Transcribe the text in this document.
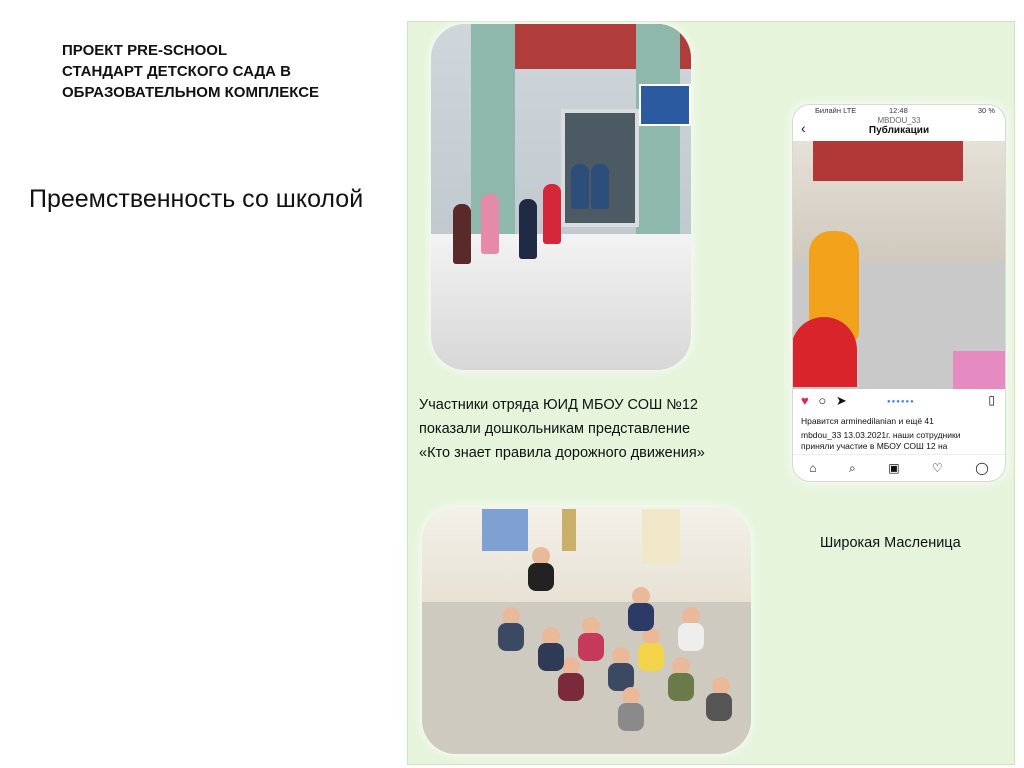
ПРОЕКТ PRE-SCHOOL
СТАНДАРТ ДЕТСКОГО САДА В
ОБРАЗОВАТЕЛЬНОМ КОМПЛЕКСЕ
Преемственность со школой
Участники отряда ЮИД МБОУ СОШ №12
показали дошкольникам представление
«Кто знает правила дорожного движения»
Билайн LTE	12:48	30 %
‹	MBDOU_33
Публикации
♥ ○ ➤	●●●●●●	▯
Нравится arminedilanian и ещё 41
mbdou_33 13.03.2021г. наши сотрудники
приняли участие в МБОУ СОШ 12 на
⌂	⌕	▣	♡	◯
Широкая Масленица
